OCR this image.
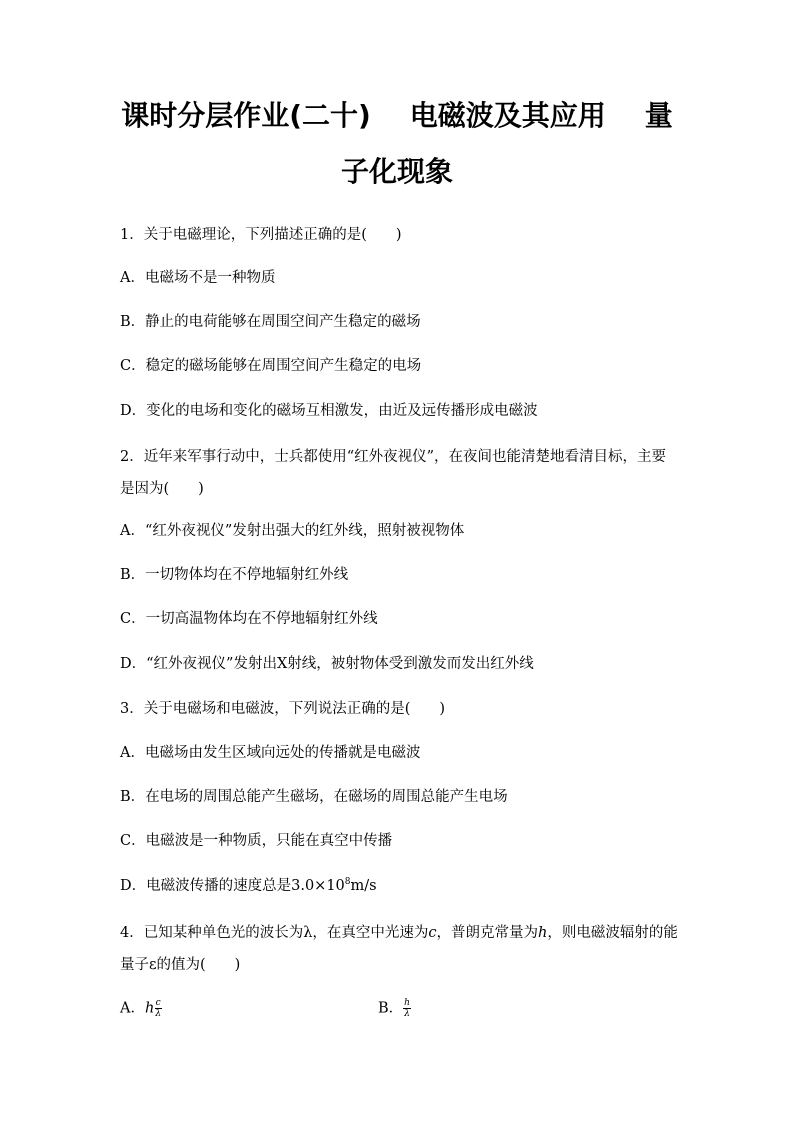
课时分层作业(二十)    电磁波及其应用    量
子化现象
1．关于电磁理论，下列描述正确的是(　　)
A．电磁场不是一种物质
B．静止的电荷能够在周围空间产生稳定的磁场
C．稳定的磁场能够在周围空间产生稳定的电场
D．变化的电场和变化的磁场互相激发，由近及远传播形成电磁波
2．近年来军事行动中，士兵都使用“红外夜视仪”，在夜间也能清楚地看清目标，主要是因为(　　)
A．“红外夜视仪”发射出强大的红外线，照射被视物体
B．一切物体均在不停地辐射红外线
C．一切高温物体均在不停地辐射红外线
D．“红外夜视仪”发射出X射线，被射物体受到激发而发出红外线
3．关于电磁场和电磁波，下列说法正确的是(　　)
A．电磁场由发生区域向远处的传播就是电磁波
B．在电场的周围总能产生磁场，在磁场的周围总能产生电场
C．电磁波是一种物质，只能在真空中传播
D．电磁波传播的速度总是$3.0\times 10^8m/s$
4．已知某种单色光的波长为λ，在真空中光速为c，普朗克常量为h，则电磁波辐射的能量子ε的值为(　　)
A．h $\frac{c}{\lambda}$	B． $\frac{h}{\lambda}$
